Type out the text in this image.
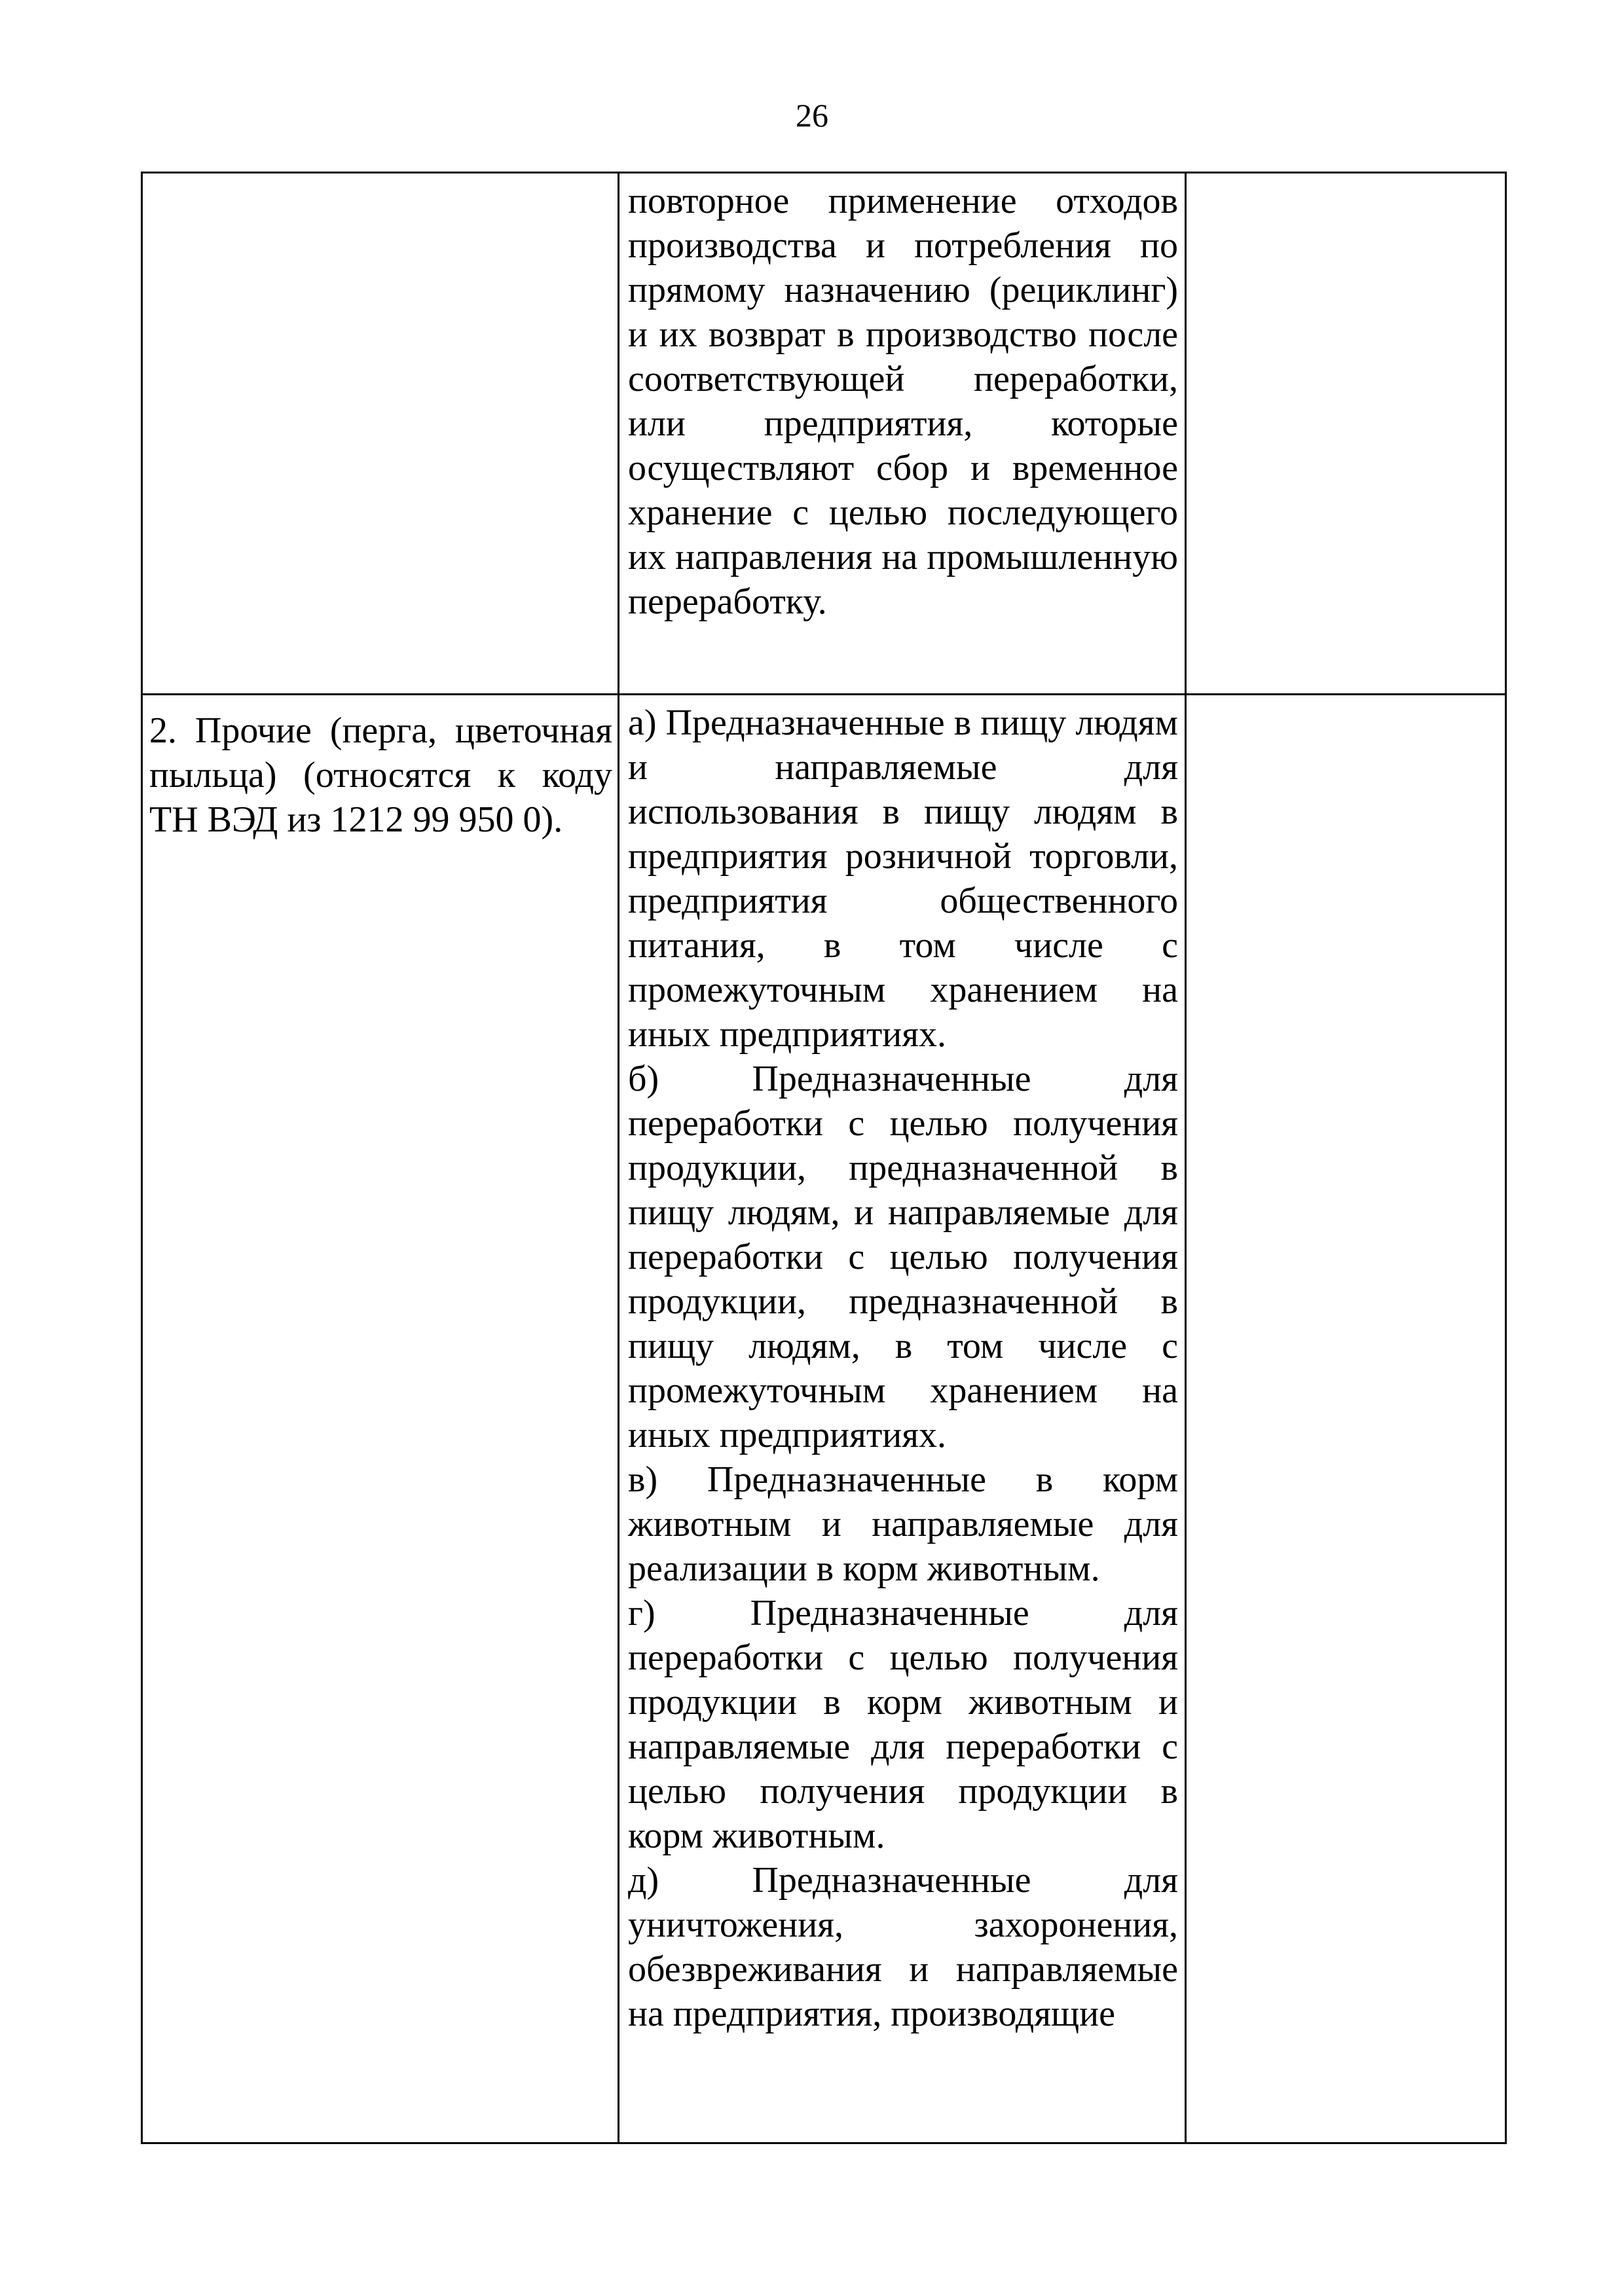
26

	повторное применение отходов производства и потребления по прямому назначению (рециклинг) и их возврат в производство после соответствующей переработки, или предприятия, которые осуществляют сбор и временное хранение с целью последующего их направления на промышленную переработку.	

2. Прочие (перга, цветочная пыльца) (относятся к коду ТН ВЭД из 1212 99 950 0).	а) Предназначенные в пищу людям и направляемые для использования в пищу людям в предприятия розничной торговли, предприятия общественного питания, в том числе с промежуточным хранением на иных предприятиях.

б) Предназначенные для переработки с целью получения продукции, предназначенной в пищу людям, и направляемые для переработки с целью получения продукции, предназначенной в пищу людям, в том числе с промежуточным хранением на иных предприятиях.

в) Предназначенные в корм животным и направляемые для реализации в корм животным.

г) Предназначенные для переработки с целью получения продукции в корм животным и направляемые для переработки с целью получения продукции в корм животным.

д) Предназначенные для уничтожения, захоронения, обезвреживания и направляемые на предприятия, производящие	
